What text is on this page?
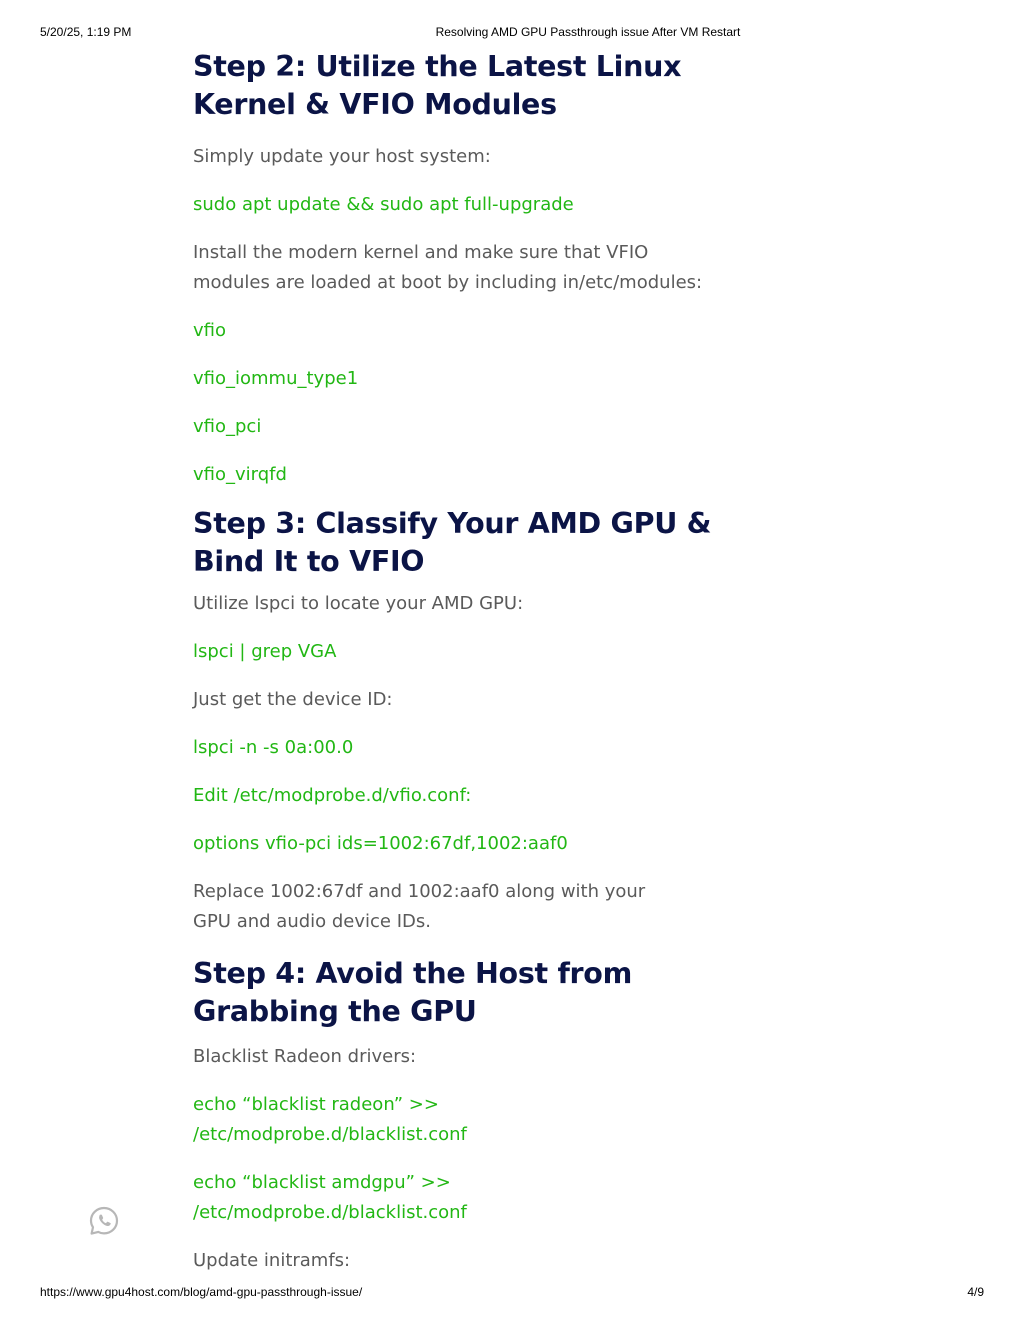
5/20/25, 1:19 PM	Resolving AMD GPU Passthrough issue After VM Restart
Step 2: Utilize the Latest Linux
Kernel & VFIO Modules

Simply update your host system:

sudo apt update && sudo apt full-upgrade

Install the modern kernel and make sure that VFIO
modules are loaded at boot by including in/etc/modules:

vfio

vfio_iommu_type1

vfio_pci

vfio_virqfd

Step 3: Classify Your AMD GPU &
Bind It to VFIO

Utilize lspci to locate your AMD GPU:

lspci | grep VGA

Just get the device ID:

lspci -n -s 0a:00.0

Edit /etc/modprobe.d/vfio.conf:

options vfio-pci ids=1002:67df,1002:aaf0

Replace 1002:67df and 1002:aaf0 along with your
GPU and audio device IDs.

Step 4: Avoid the Host from
Grabbing the GPU

Blacklist Radeon drivers:

echo “blacklist radeon” >>
/etc/modprobe.d/blacklist.conf

echo “blacklist amdgpu” >>
/etc/modprobe.d/blacklist.conf

Update initramfs:

https://www.gpu4host.com/blog/amd-gpu-passthrough-issue/	4/9
